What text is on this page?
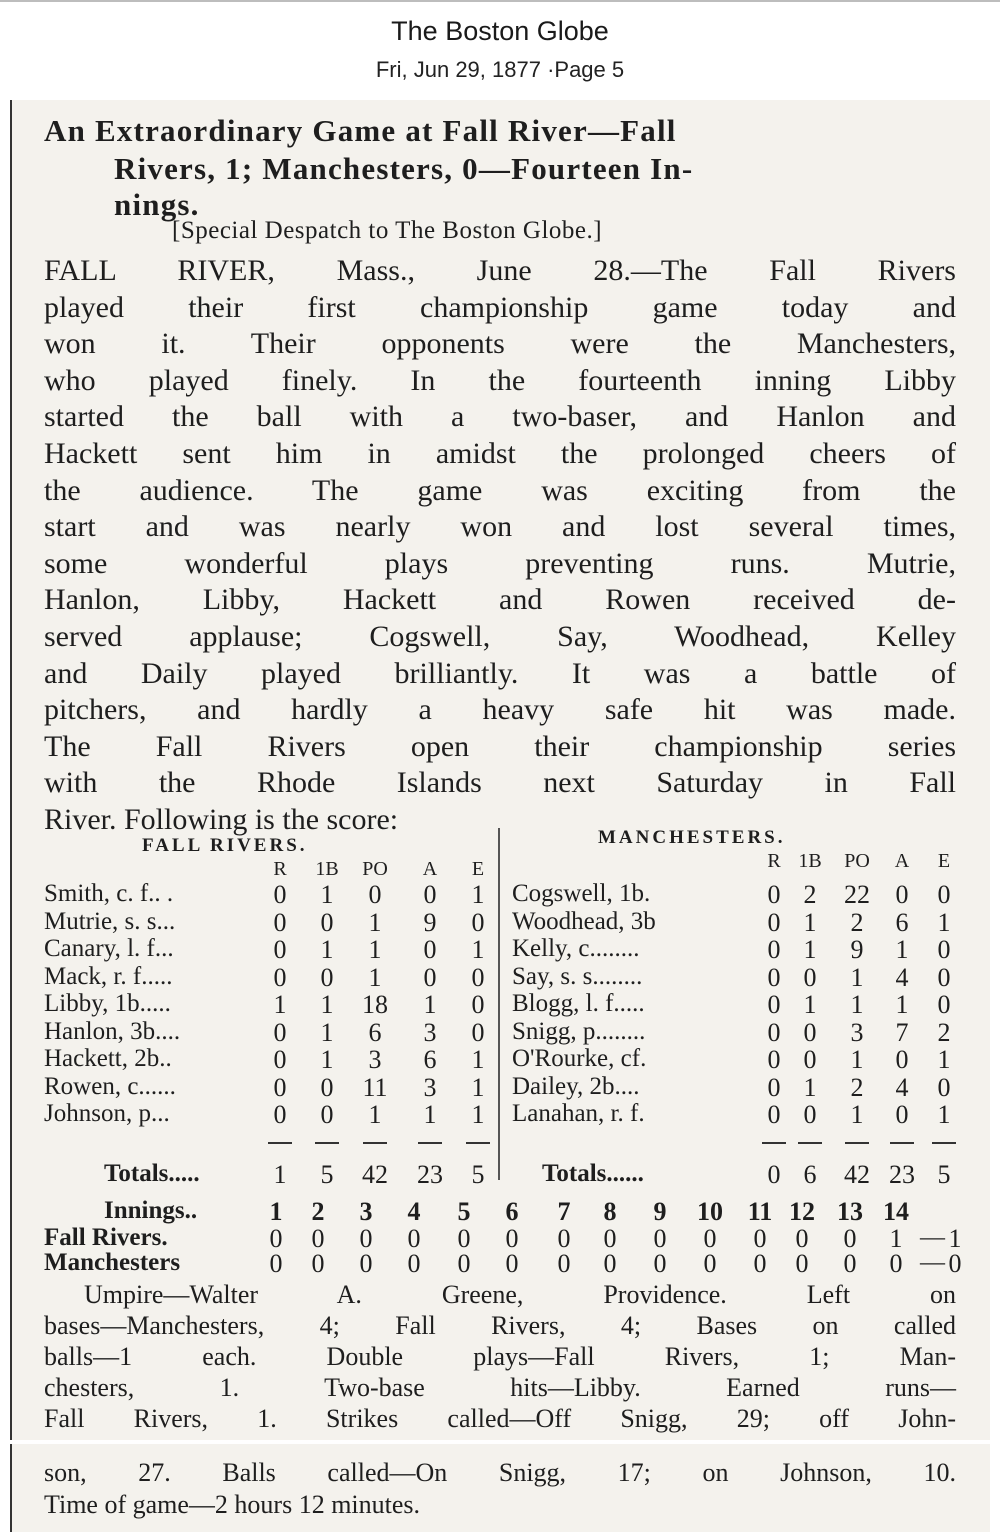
The Boston Globe
Fri, Jun 29, 1877 ·Page 5
An Extraordinary Game at Fall River—Fall
Rivers, 1; Manchesters, 0—Fourteen In-
nings.
[Special Despatch to The Boston Globe.]
FALL RIVER, Mass., June 28.—The Fall Rivers
played their first championship game today and
won it. Their opponents were the Manchesters,
who played finely. In the fourteenth inning Libby
started the ball with a two-baser, and Hanlon and
Hackett sent him in amidst the prolonged cheers of
the audience. The game was exciting from the
start and was nearly won and lost several times,
some wonderful plays preventing runs. Mutrie,
Hanlon, Libby, Hackett and Rowen received de-
served applause; Cogswell, Say, Woodhead, Kelley
and Daily played brilliantly. It was a battle of
pitchers, and hardly a heavy safe hit was made.
The Fall Rivers open their championship series
with the Rhode Islands next Saturday in Fall
River. Following is the score:
FALL RIVERS.	MANCHESTERS.
R	1B PO	A	E
Smith, c. f.. .	0	1	0	0	1
Mutrie, s. s...	0	0	1	9	0
Canary, l. f...	0	1	1	0	1
Mack, r. f.....	0	0	1	0	0
Libby, 1b.....	1	1	18	1	0
Hanlon, 3b....	0	1	6	3	0
Hackett, 2b..	0	1	3	6	1
Rowen, c......	0	0	11	3	1
Johnson, p...	0	0	1	1	1
Totals.....	1	5	42 23	5
R 1B PO	A	E
Cogswell, 1b.	0 2	22 0	0
Woodhead, 3b	0 1	2	6	1
Kelly, c........	0 1	9	1	0
Say, s. s........	0 0	1	4	0
Blogg, l. f.....	0 1	1	1	0
Snigg, p........	0 0	3	7	2
O'Rourke, cf.	0 0	1	0	1
Dailey, 2b....	0 1	2	4	0
Lanahan, r. f.	0 0	1	0	1
Totals......	0 6	42 23 5
Innings..	1	2	3	4	5	6	7	8	9	10 11 12 13 14
Fall Rivers.	0	0	0	0	0	0	0	0	0	0	0	0	0	1 — 1
Manchesters	0	0	0	0	0	0	0	0	0	0	0	0	0	0 — 0
Umpire—Walter A. Greene, Providence. Left on
bases—Manchesters, 4; Fall Rivers, 4; Bases on called
balls—1 each. Double plays—Fall Rivers, 1; Man-
chesters, 1. Two-base hits—Libby. Earned runs—
Fall Rivers, 1. Strikes called—Off Snigg, 29; off John-
son, 27. Balls called—On Snigg, 17; on Johnson, 10.
Time of game—2 hours 12 minutes.
